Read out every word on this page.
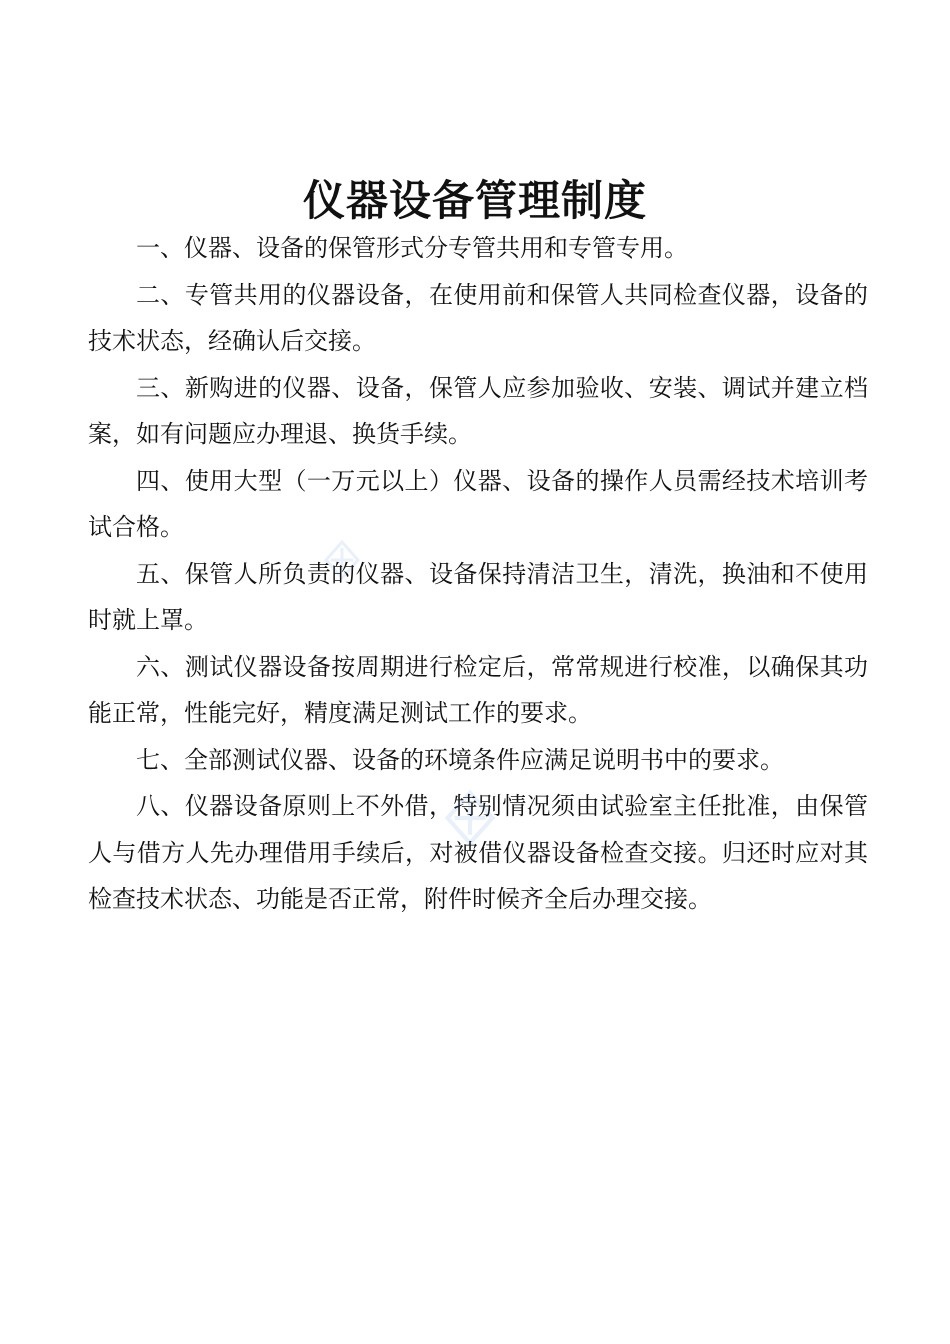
仪器设备管理制度

一、仪器、设备的保管形式分专管共用和专管专用。

二、专管共用的仪器设备，在使用前和保管人共同检查仪器，设备的技术状态，经确认后交接。

三、新购进的仪器、设备，保管人应参加验收、安装、调试并建立档案，如有问题应办理退、换货手续。

四、使用大型（一万元以上）仪器、设备的操作人员需经技术培训考试合格。

五、保管人所负责的仪器、设备保持清洁卫生，清洗，换油和不使用时就上罩。

六、测试仪器设备按周期进行检定后，常常规进行校准，以确保其功能正常，性能完好，精度满足测试工作的要求。

七、全部测试仪器、设备的环境条件应满足说明书中的要求。

八、仪器设备原则上不外借，特别情况须由试验室主任批准，由保管人与借方人先办理借用手续后，对被借仪器设备检查交接。归还时应对其检查技术状态、功能是否正常，附件时候齐全后办理交接。
